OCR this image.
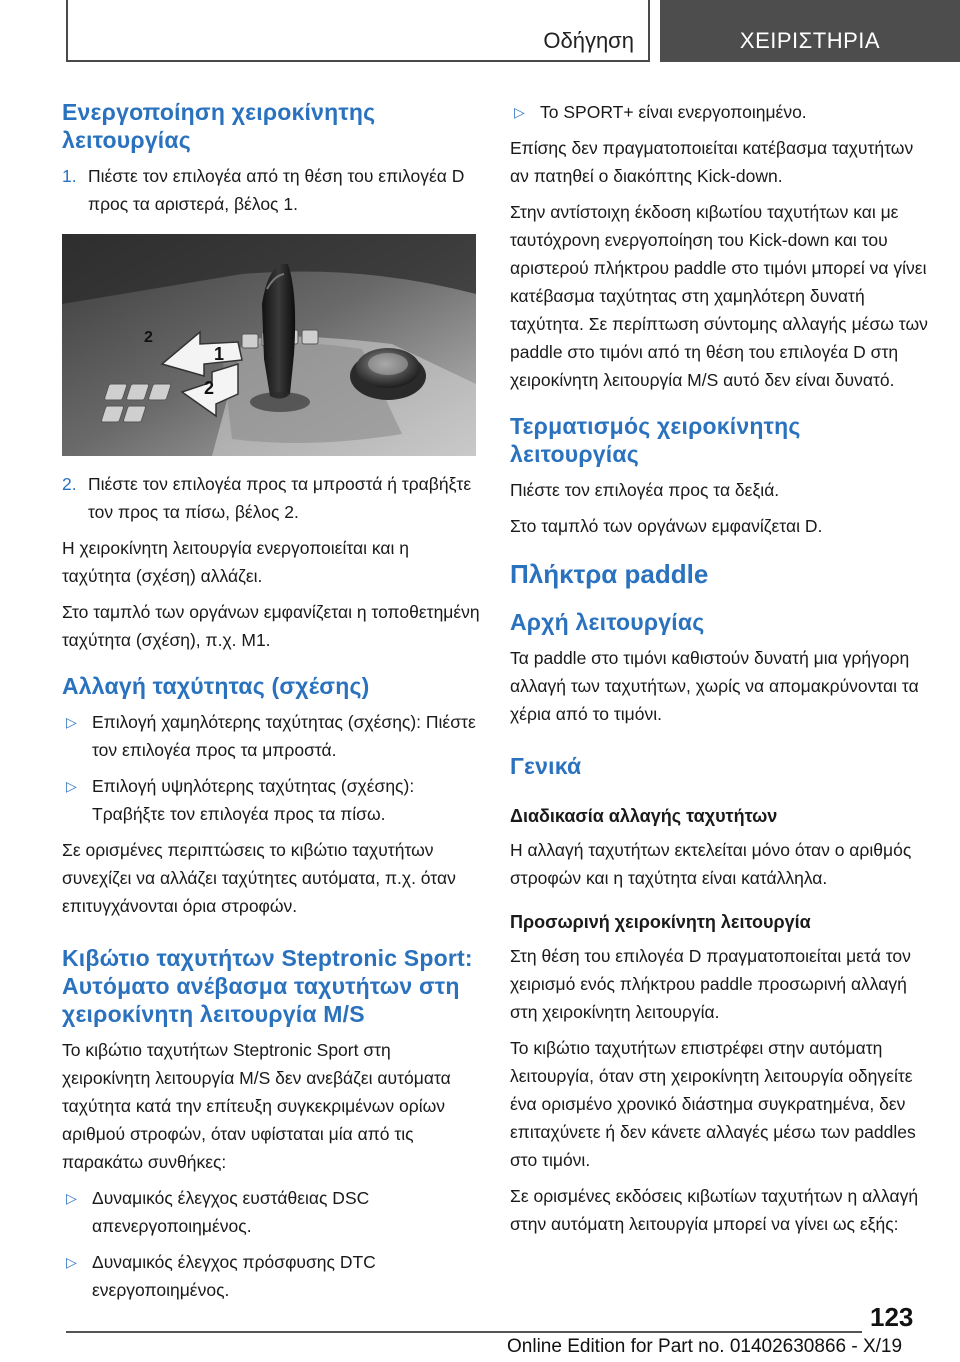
Οδήγηση	ΧΕΙΡΙΣΤΗΡΙΑ
Ενεργοποίηση χειροκίνητης λειτουργίας
1. Πιέστε τον επιλογέα από τη θέση του επιλογέα D προς τα αριστερά, βέλος 1.
1
2
2
2. Πιέστε τον επιλογέα προς τα μπροστά ή τραβήξτε τον προς τα πίσω, βέλος 2.
Η χειροκίνητη λειτουργία ενεργοποιείται και η ταχύτητα (σχέση) αλλάζει.
Στο ταμπλό των οργάνων εμφανίζεται η τοποθετημένη ταχύτητα (σχέση), π.χ. M1.
Αλλαγή ταχύτητας (σχέσης)
▷ Επιλογή χαμηλότερης ταχύτητας (σχέσης): Πιέστε τον επιλογέα προς τα μπροστά.
▷ Επιλογή υψηλότερης ταχύτητας (σχέσης): Τραβήξτε τον επιλογέα προς τα πίσω.
Σε ορισμένες περιπτώσεις το κιβώτιο ταχυτήτων συνεχίζει να αλλάζει ταχύτητες αυτόματα, π.χ. όταν επιτυγχάνονται όρια στροφών.
Κιβώτιο ταχυτήτων Steptronic Sport: Αυτόματο ανέβασμα ταχυτήτων στη χειροκίνητη λειτουργία M/S
Το κιβώτιο ταχυτήτων Steptronic Sport στη χειροκίνητη λειτουργία M/S δεν ανεβάζει αυτόματα ταχύτητα κατά την επίτευξη συγκεκριμένων ορίων αριθμού στροφών, όταν υφίσταται μία από τις παρακάτω συνθήκες:
▷ Δυναμικός έλεγχος ευστάθειας DSC απενεργοποιημένος.
▷ Δυναμικός έλεγχος πρόσφυσης DTC ενεργοποιημένος.
▷ Το SPORT+ είναι ενεργοποιημένο.
Επίσης δεν πραγματοποιείται κατέβασμα ταχυτήτων αν πατηθεί ο διακόπτης Kick-down.
Στην αντίστοιχη έκδοση κιβωτίου ταχυτήτων και με ταυτόχρονη ενεργοποίηση του Kick-down και του αριστερού πλήκτρου paddle στο τιμόνι μπορεί να γίνει κατέβασμα ταχύτητας στη χαμηλότερη δυνατή ταχύτητα. Σε περίπτωση σύντομης αλλαγής μέσω των paddle στο τιμόνι από τη θέση του επιλογέα D στη χειροκίνητη λειτουργία M/S αυτό δεν είναι δυνατό.
Τερματισμός χειροκίνητης λειτουργίας
Πιέστε τον επιλογέα προς τα δεξιά.
Στο ταμπλό των οργάνων εμφανίζεται D.
Πλήκτρα paddle
Αρχή λειτουργίας
Τα paddle στο τιμόνι καθιστούν δυνατή μια γρήγορη αλλαγή των ταχυτήτων, χωρίς να απομακρύνονται τα χέρια από το τιμόνι.
Γενικά
Διαδικασία αλλαγής ταχυτήτων
Η αλλαγή ταχυτήτων εκτελείται μόνο όταν ο αριθμός στροφών και η ταχύτητα είναι κατάλληλα.
Προσωρινή χειροκίνητη λειτουργία
Στη θέση του επιλογέα D πραγματοποιείται μετά τον χειρισμό ενός πλήκτρου paddle προσωρινή αλλαγή στη χειροκίνητη λειτουργία.
Το κιβώτιο ταχυτήτων επιστρέφει στην αυτόματη λειτουργία, όταν στη χειροκίνητη λειτουργία οδηγείτε ένα ορισμένο χρονικό διάστημα συγκρατημένα, δεν επιταχύνετε ή δεν κάνετε αλλαγές μέσω των paddles στο τιμόνι.
Σε ορισμένες εκδόσεις κιβωτίων ταχυτήτων η αλλαγή στην αυτόματη λειτουργία μπορεί να γίνει ως εξής:
123
Online Edition for Part no. 01402630866 - X/19
